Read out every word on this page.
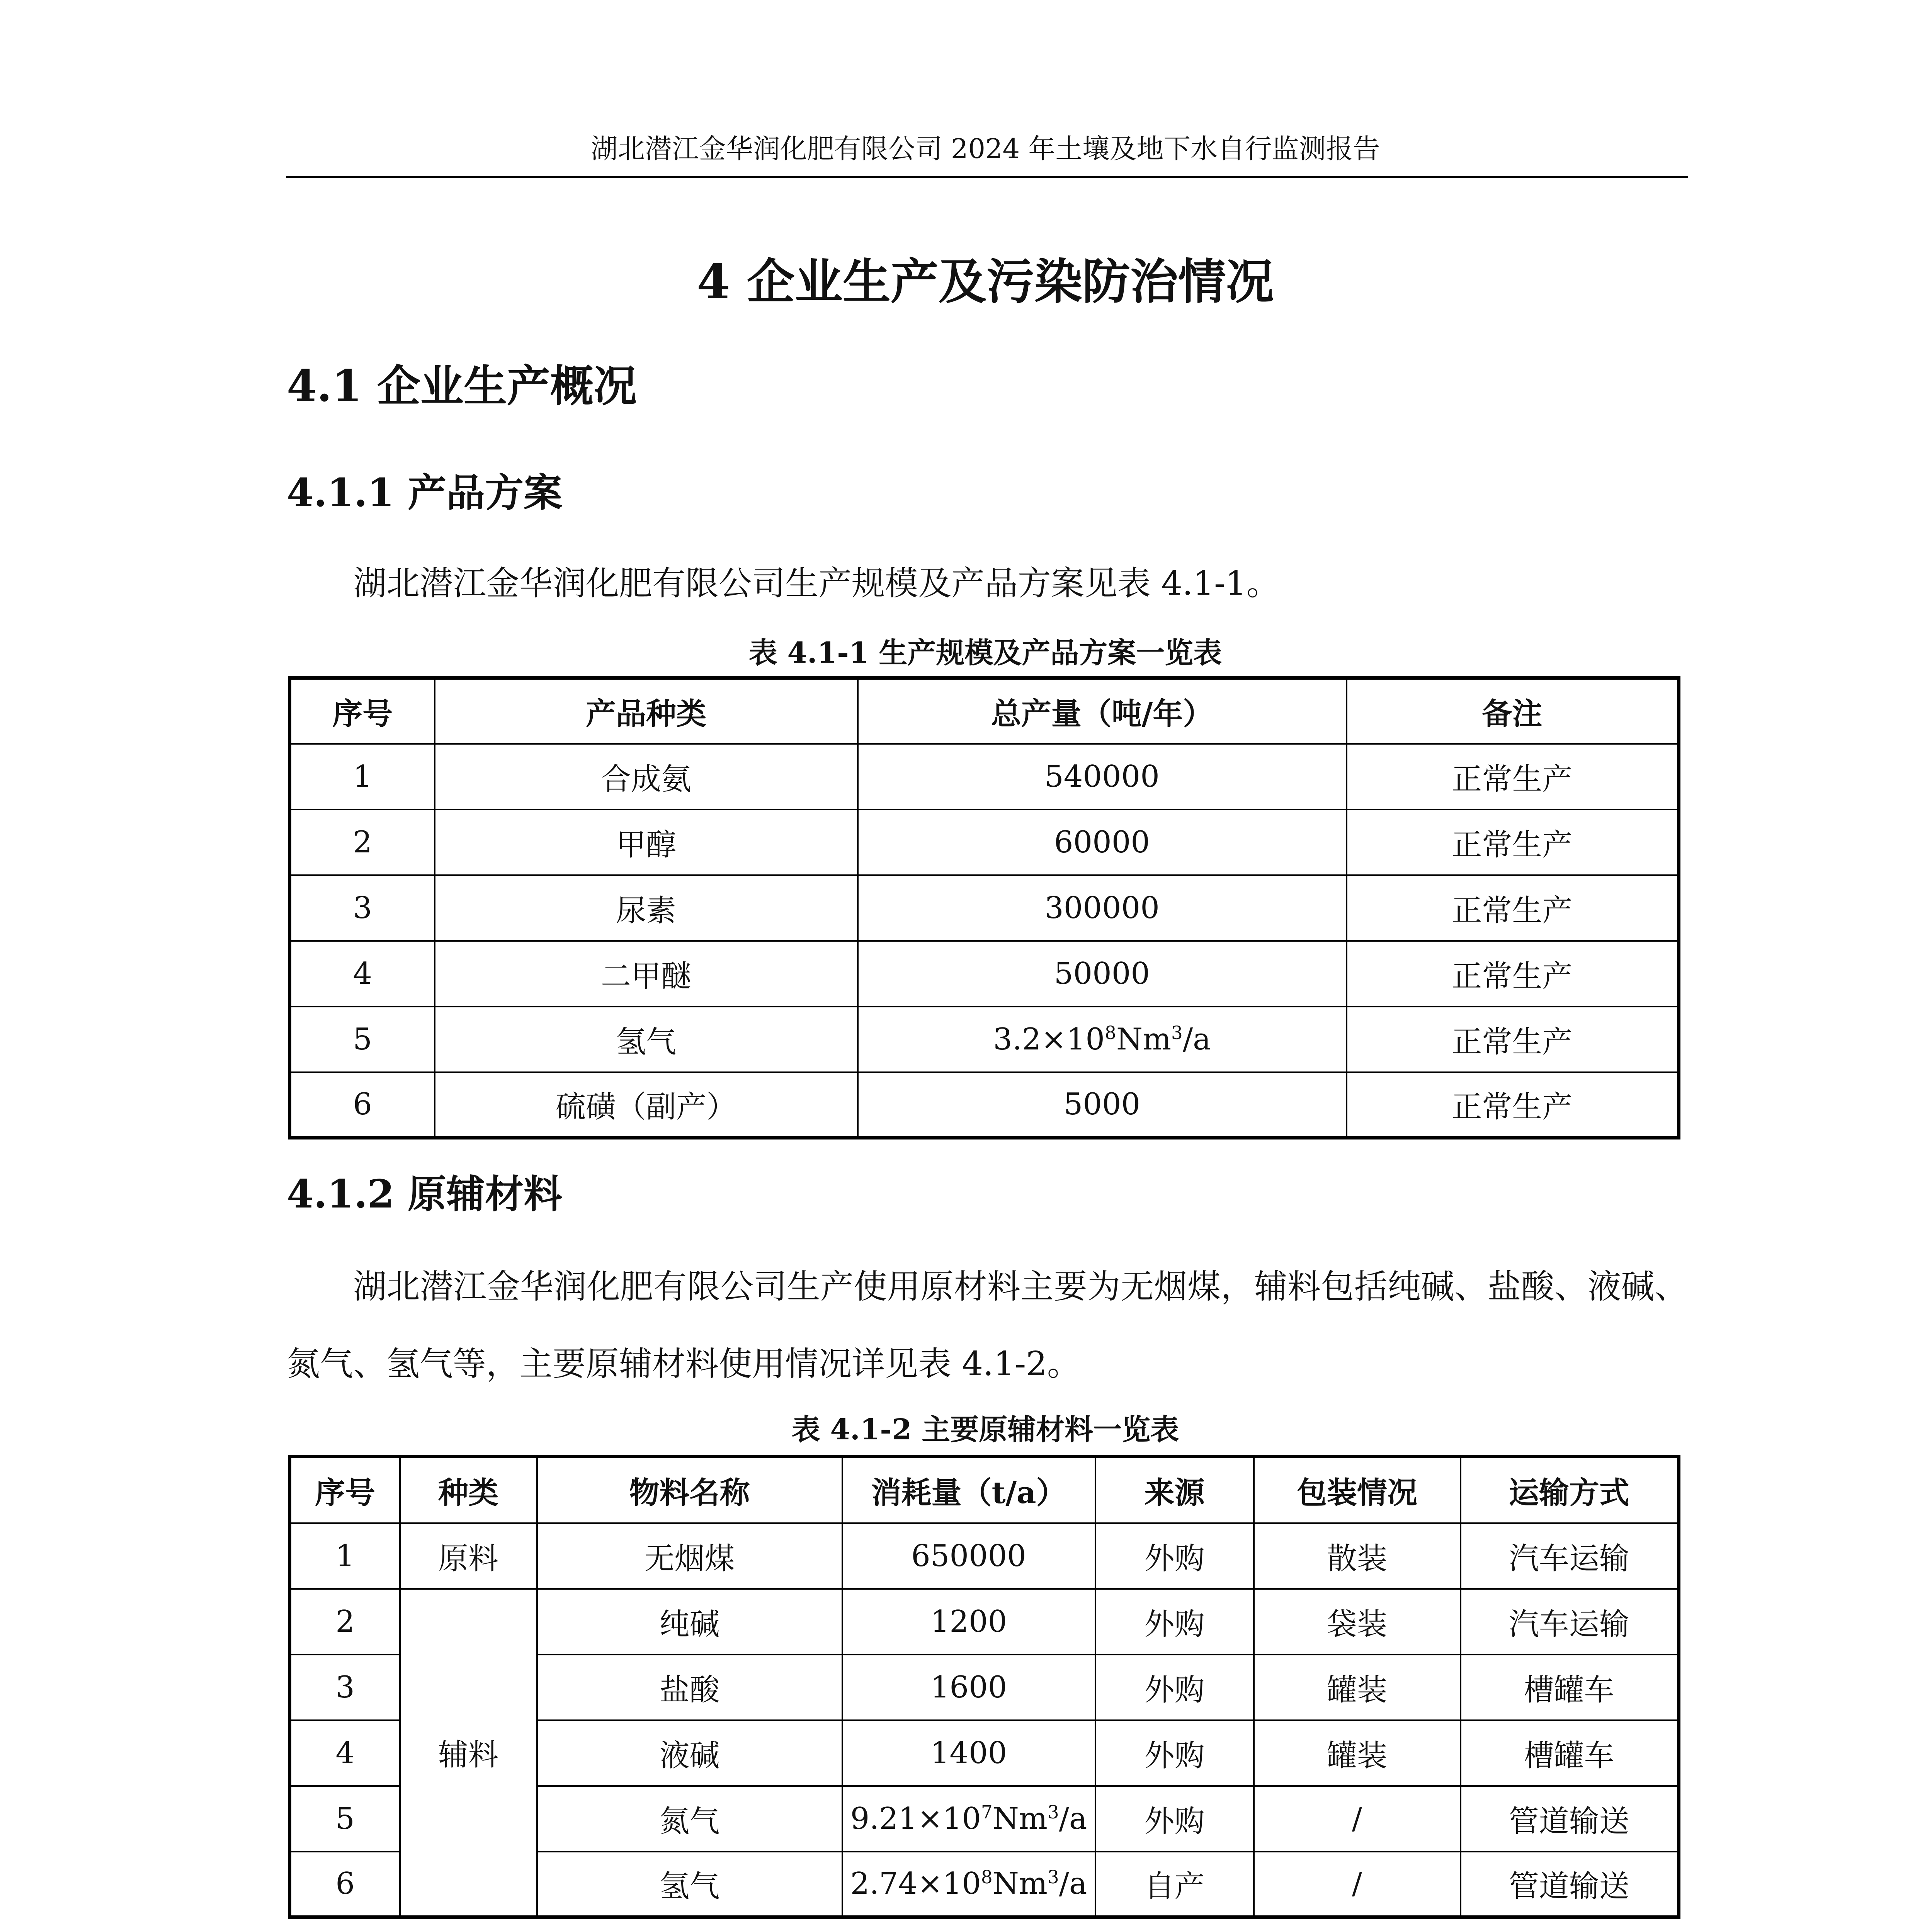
湖北潜江金华润化肥有限公司 2024 年土壤及地下水自行监测报告
4 企业生产及污染防治情况
4.1 企业生产概况
4.1.1 产品方案
湖北潜江金华润化肥有限公司生产规模及产品方案见表 4.1-1。
表 4.1-1 生产规模及产品方案一览表
序号	产品种类	总产量（吨/年）	备注
1	合成氨	540000	正常生产
2	甲醇	60000	正常生产
3	尿素	300000	正常生产
4	二甲醚	50000	正常生产
5	氢气	$3.2\times 10^8Nm^3/a$	正常生产
6	硫磺（副产）	5000	正常生产
4.1.2 原辅材料
湖北潜江金华润化肥有限公司生产使用原材料主要为无烟煤，辅料包括纯碱、盐酸、液碱、氮气、氢气等，主要原辅材料使用情况详见表 4.1-2。
表 4.1-2 主要原辅材料一览表
序号	种类	物料名称	消耗量（t/a）	来源	包装情况	运输方式
1	原料	无烟煤	650000	外购	散装	汽车运输
2	辅料	纯碱	1200	外购	袋装	汽车运输
3		盐酸	1600	外购	罐装	槽罐车
4		液碱	1400	外购	罐装	槽罐车
5		氮气	$9.21\times 10^7Nm^3/a$	外购	/	管道输送
6		氢气	$2.74\times 10^8Nm^3/a$	自产	/	管道输送
